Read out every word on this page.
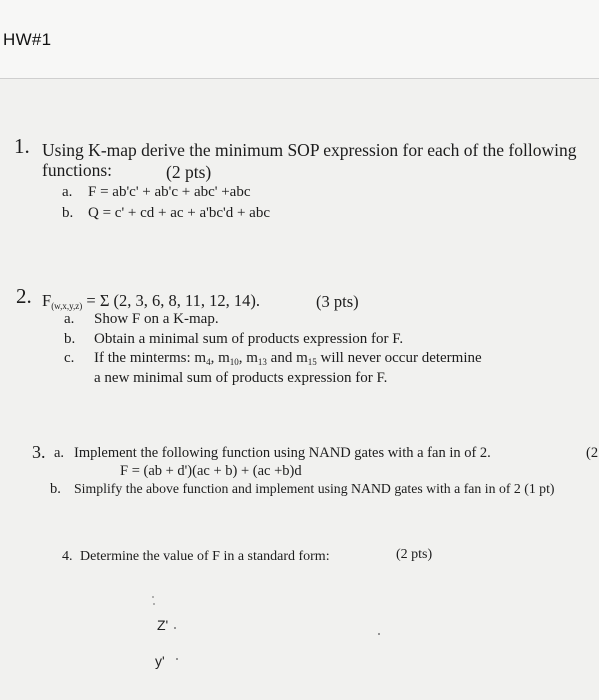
HW#1
1. Using K-map derive the minimum SOP expression for each of the following
functions:	(2 pts)
a. F = ab'c' + ab'c + abc' +abc
b. Q = c' + cd + ac + a'bc'd + abc
2. $F_{(w,x,y,z)} = \Sigma$ (2, 3, 6, 8, 11, 12, 14).	(3 pts)
a. Show F on a K-map.
b. Obtain a minimal sum of products expression for F.
c. If the minterms: $m_4$, $m_{10}$, $m_{13}$ and $m_{15}$ will never occur determine
a new minimal sum of products expression for F.
3. a. Implement the following function using NAND gates with a fan in of 2.	(2
F = (ab + d')(ac + b) + (ac +b)d
b. Simplify the above function and implement using NAND gates with a fan in of 2 (1 pt)
4. Determine the value of F in a standard form:	(2 pts)
Z'
y'
